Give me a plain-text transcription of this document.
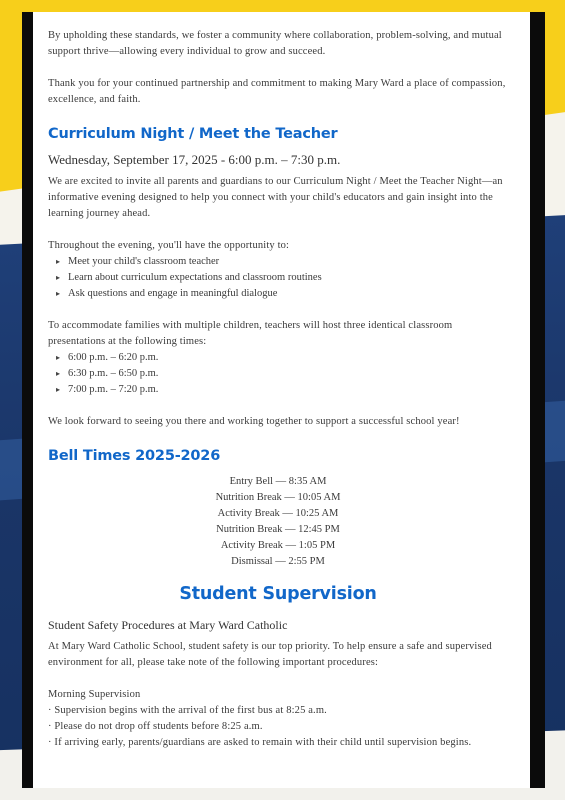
By upholding these standards, we foster a community where collaboration, problem-solving, and mutual support thrive—allowing every individual to grow and succeed.

Thank you for your continued partnership and commitment to making Mary Ward a place of compassion, excellence, and faith.

Curriculum Night / Meet the Teacher
Wednesday, September 17, 2025 - 6:00 p.m. – 7:30 p.m.

We are excited to invite all parents and guardians to our Curriculum Night / Meet the Teacher Night—an informative evening designed to help you connect with your child's educators and gain insight into the learning journey ahead.

Throughout the evening, you'll have the opportunity to:

▸ Meet your child's classroom teacher
▸ Learn about curriculum expectations and classroom routines
▸ Ask questions and engage in meaningful dialogue

To accommodate families with multiple children, teachers will host three identical classroom presentations at the following times:

▸ 6:00 p.m. – 6:20 p.m.
▸ 6:30 p.m. – 6:50 p.m.
▸ 7:00 p.m. – 7:20 p.m.

We look forward to seeing you there and working together to support a successful school year!

Bell Times 2025-2026
Entry Bell — 8:35 AM
Nutrition Break — 10:05 AM
Activity Break — 10:25 AM
Nutrition Break — 12:45 PM
Activity Break — 1:05 PM
Dismissal — 2:55 PM
Student Supervision
Student Safety Procedures at Mary Ward Catholic

At Mary Ward Catholic School, student safety is our top priority. To help ensure a safe and supervised environment for all, please take note of the following important procedures:

Morning Supervision

· Supervision begins with the arrival of the first bus at 8:25 a.m.

· Please do not drop off students before 8:25 a.m.

· If arriving early, parents/guardians are asked to remain with their child until supervision begins.
